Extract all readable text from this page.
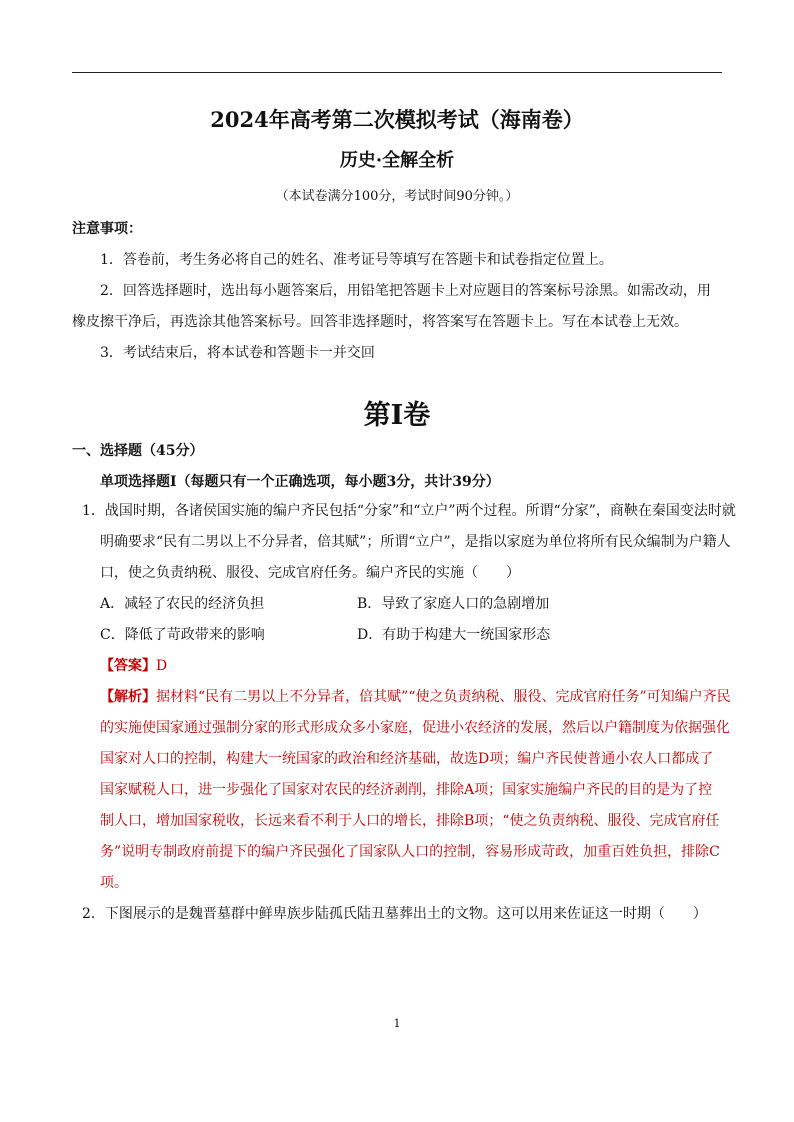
2024年高考第二次模拟考试（海南卷）
历史·全解全析
（本试卷满分100分，考试时间90分钟。）
注意事项：
1．答卷前，考生务必将自己的姓名、准考证号等填写在答题卡和试卷指定位置上。
2．回答选择题时，选出每小题答案后，用铅笔把答题卡上对应题目的答案标号涂黑。如需改动，用
橡皮擦干净后，再选涂其他答案标号。回答非选择题时，将答案写在答题卡上。写在本试卷上无效。
3．考试结束后，将本试卷和答题卡一并交回
第Ⅰ卷
一、选择题（45分）
单项选择题Ⅰ（每题只有一个正确选项，每小题3分，共计39分）
1．战国时期，各诸侯国实施的编户齐民包括“分家”和“立户”两个过程。所谓“分家”，商鞅在秦国变法时就
明确要求“民有二男以上不分异者，倍其赋”；所谓“立户”，是指以家庭为单位将所有民众编制为户籍人
口，使之负责纳税、服役、完成官府任务。编户齐民的实施（　　）
A．减轻了农民的经济负担	B．导致了家庭人口的急剧增加
C．降低了苛政带来的影响	D．有助于构建大一统国家形态
【答案】D
【解析】据材料“民有二男以上不分异者，倍其赋”“使之负责纳税、服役、完成官府任务”可知编户齐民
的实施使国家通过强制分家的形式形成众多小家庭，促进小农经济的发展，然后以户籍制度为依据强化
国家对人口的控制，构建大一统国家的政治和经济基础，故选D项；编户齐民使普通小农人口都成了
国家赋税人口，进一步强化了国家对农民的经济剥削，排除A项；国家实施编户齐民的目的是为了控
制人口，增加国家税收，长远来看不利于人口的增长，排除B项；“使之负责纳税、服役、完成官府任
务”说明专制政府前提下的编户齐民强化了国家队人口的控制，容易形成苛政，加重百姓负担，排除C
项。
2．下图展示的是魏晋墓群中鲜卑族步陆孤氏陆丑墓葬出土的文物。这可以用来佐证这一时期（　　）
1
